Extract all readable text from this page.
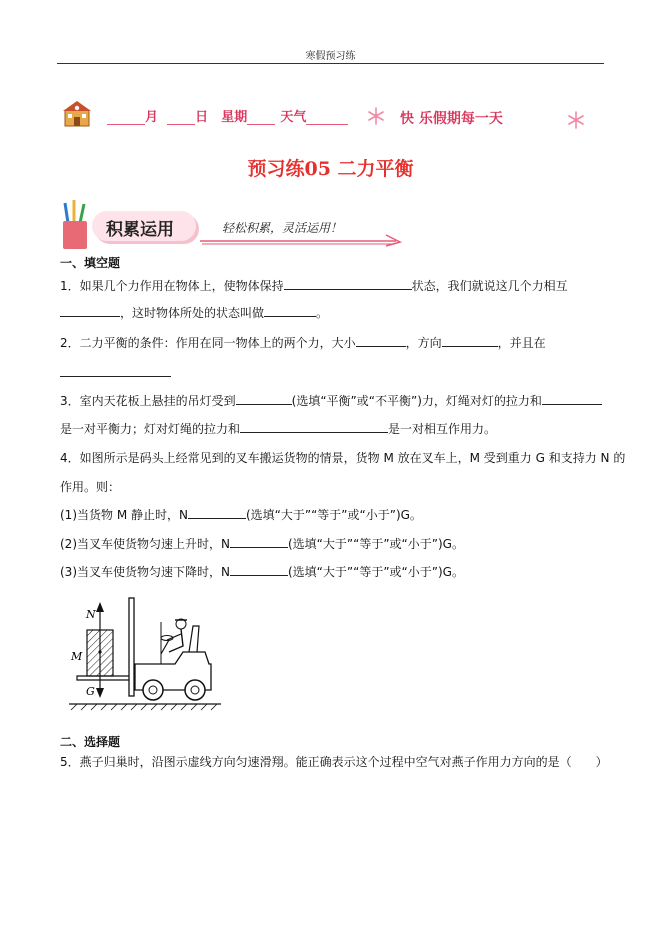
寒假预习练
月	日 星期	天气	快 乐假期每一天
预习练05 二力平衡
积累运用	轻松积累，灵活运用！
一、填空题
1．如果几个力作用在物体上，使物体保持	状态，我们就说这几个力相互
，这时物体所处的状态叫做	。
2．二力平衡的条件：作用在同一物体上的两个力，大小	，方向	，并且在
3．室内天花板上悬挂的吊灯受到	(选填“平衡”或“不平衡”)力，灯绳对灯的拉力和
是一对平衡力；灯对灯绳的拉力和	是一对相互作用力。
4．如图所示是码头上经常见到的叉车搬运货物的情景，货物 M 放在叉车上，M 受到重力 G 和支持力 N 的
作用。则：
(1)当货物 M 静止时，N	(选填“大于”“等于”或“小于”)G。
(2)当叉车使货物匀速上升时，N	(选填“大于”“等于”或“小于”)G。
(3)当叉车使货物匀速下降时，N	(选填“大于”“等于”或“小于”)G。
N
M
G
二、选择题
5．燕子归巢时，沿图示虚线方向匀速滑翔。能正确表示这个过程中空气对燕子作用力方向的是（　　）
